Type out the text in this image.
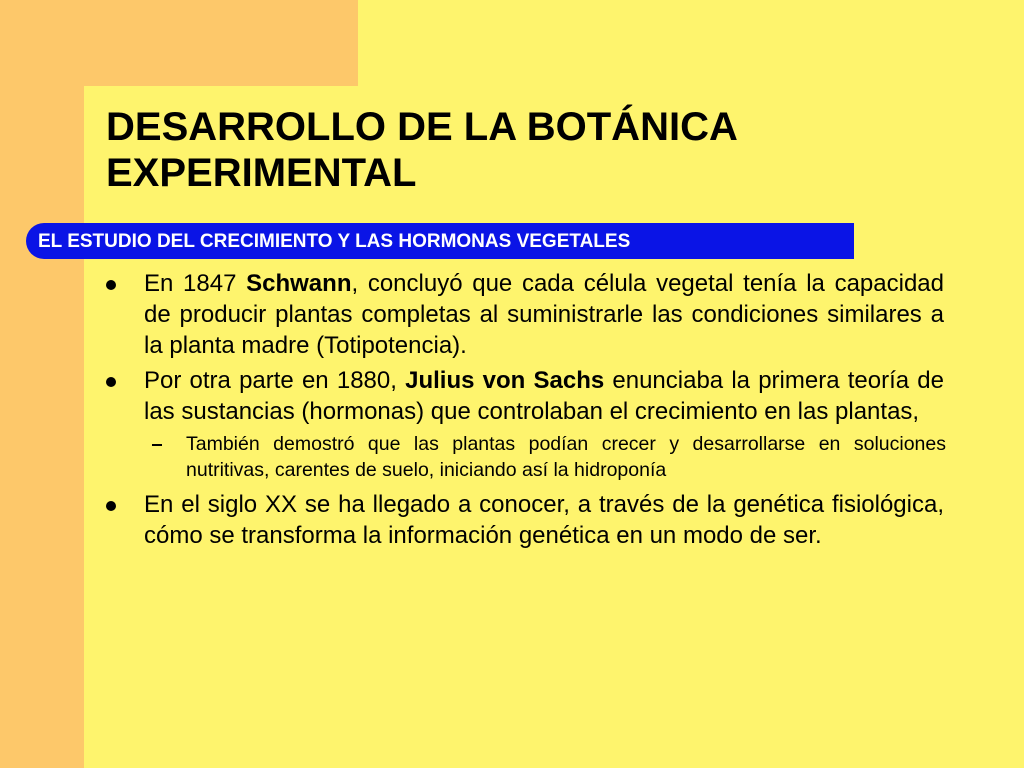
DESARROLLO DE LA BOTÁNICA
EXPERIMENTAL
EL ESTUDIO DEL CRECIMIENTO Y LAS HORMONAS VEGETALES
En 1847 Schwann, concluyó que cada célula vegetal tenía la capacidad de producir plantas completas al suministrarle las condiciones similares a la planta madre (Totipotencia).
Por otra parte en 1880, Julius von Sachs enunciaba la primera teoría de las sustancias (hormonas) que controlaban el crecimiento en las plantas,
También demostró que las plantas podían crecer y desarrollarse en soluciones nutritivas, carentes de suelo, iniciando así la hidroponía
En el siglo XX se ha llegado a conocer, a través de la genética fisiológica, cómo se transforma la información genética en un modo de ser.
